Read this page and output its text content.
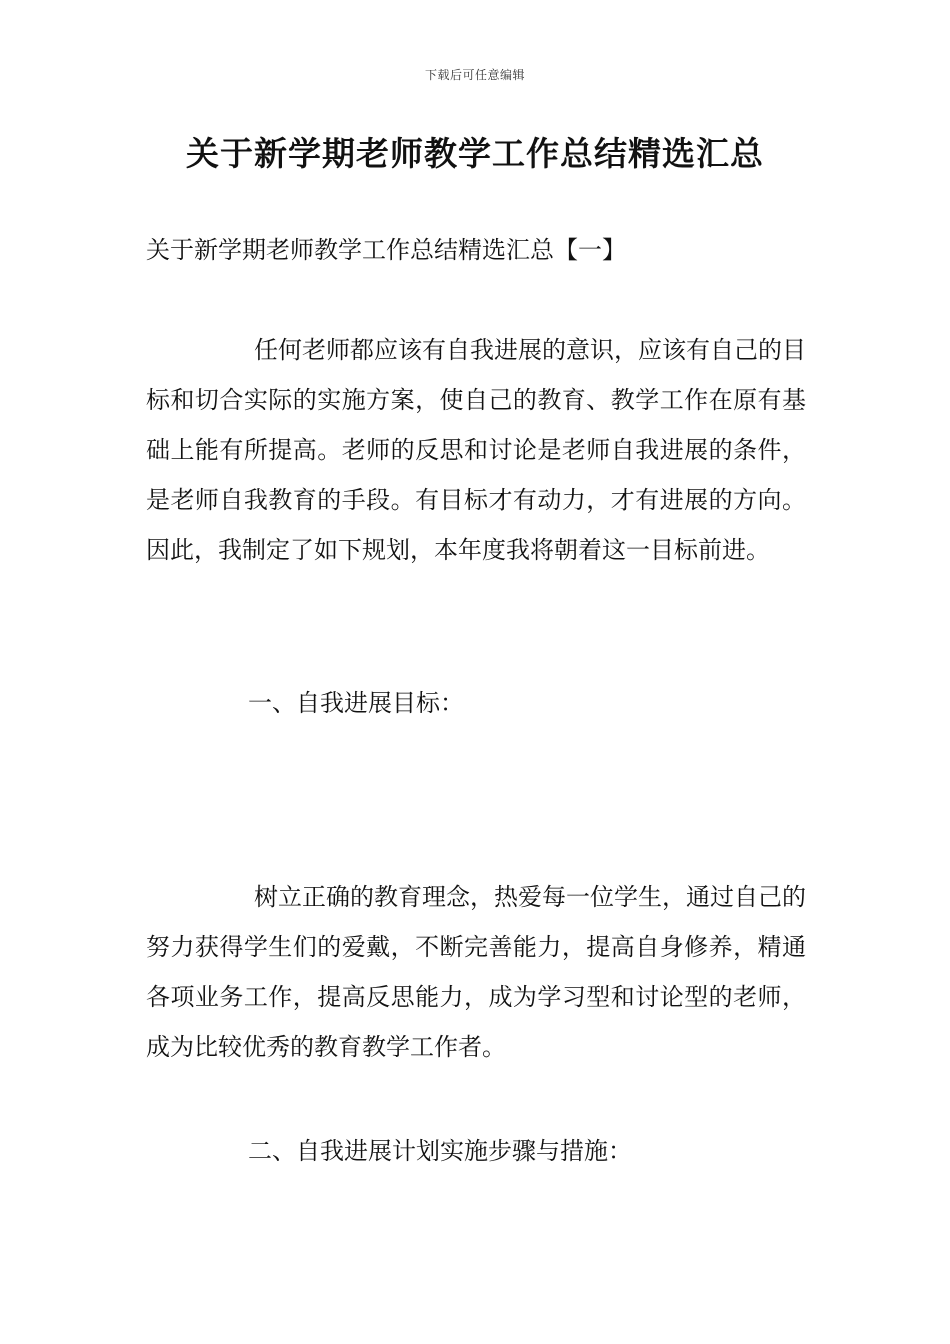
下载后可任意编辑
关于新学期老师教学工作总结精选汇总

关于新学期老师教学工作总结精选汇总【一】

任何老师都应该有自我进展的意识，应该有自己的目标和切合实际的实施方案，使自己的教育、教学工作在原有基础上能有所提高。老师的反思和讨论是老师自我进展的条件，是老师自我教育的手段。有目标才有动力，才有进展的方向。因此，我制定了如下规划，本年度我将朝着这一目标前进。

一、自我进展目标：

树立正确的教育理念，热爱每一位学生，通过自己的努力获得学生们的爱戴，不断完善能力，提高自身修养，精通各项业务工作，提高反思能力，成为学习型和讨论型的老师，成为比较优秀的教育教学工作者。

二、自我进展计划实施步骤与措施：
